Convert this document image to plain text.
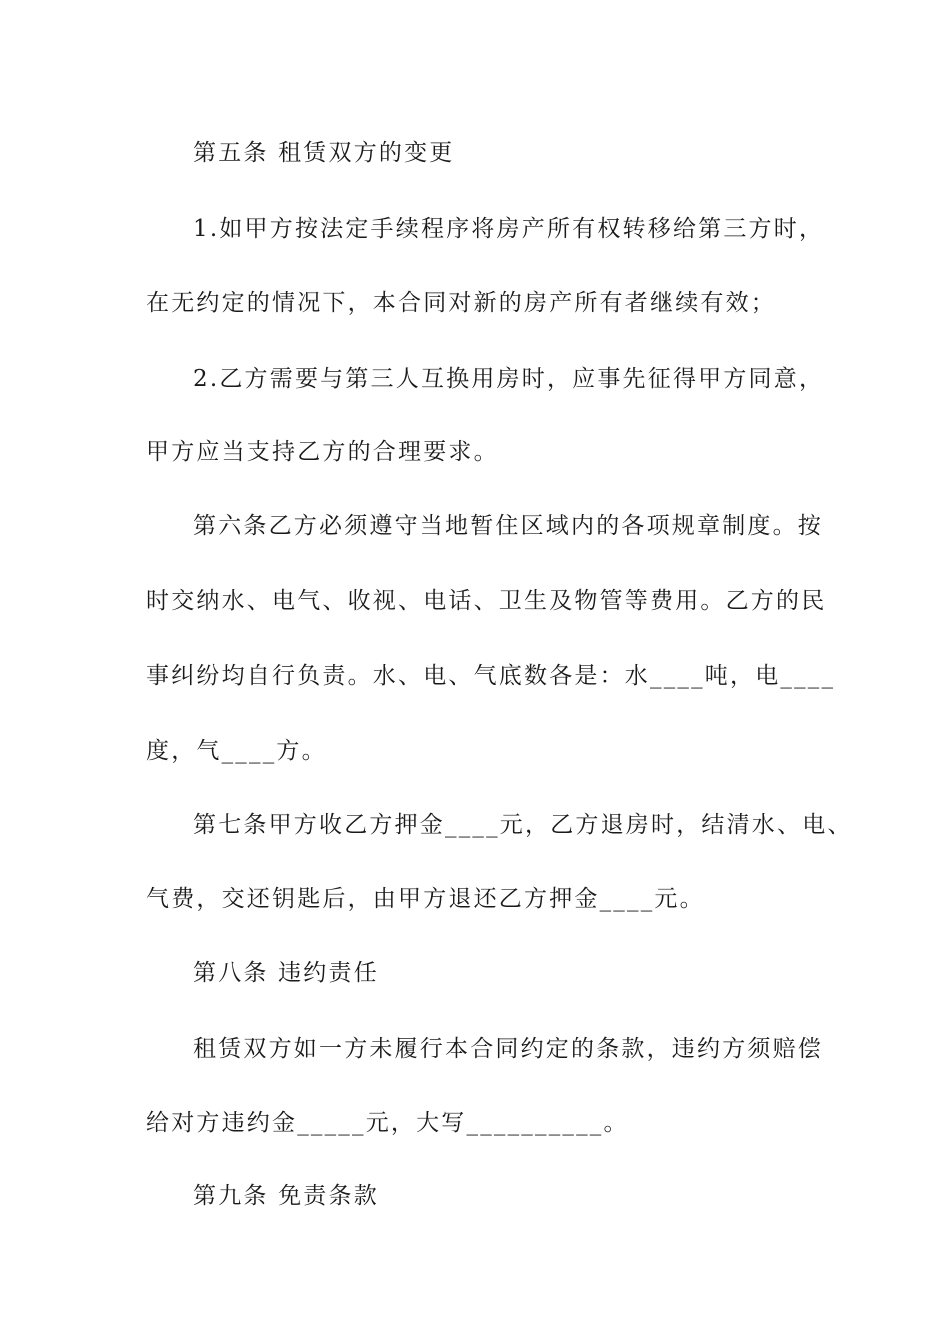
第五条 租赁双方的变更
1.如甲方按法定手续程序将房产所有权转移给第三方时，
在无约定的情况下，本合同对新的房产所有者继续有效；
2.乙方需要与第三人互换用房时，应事先征得甲方同意，
甲方应当支持乙方的合理要求。
第六条乙方必须遵守当地暂住区域内的各项规章制度。按
时交纳水、电气、收视、电话、卫生及物管等费用。乙方的民
事纠纷均自行负责。水、电、气底数各是：水____吨，电____
度，气____方。
第七条甲方收乙方押金____元，乙方退房时，结清水、电、
气费，交还钥匙后，由甲方退还乙方押金____元。
第八条 违约责任
租赁双方如一方未履行本合同约定的条款，违约方须赔偿
给对方违约金_____元，大写__________。
第九条 免责条款
